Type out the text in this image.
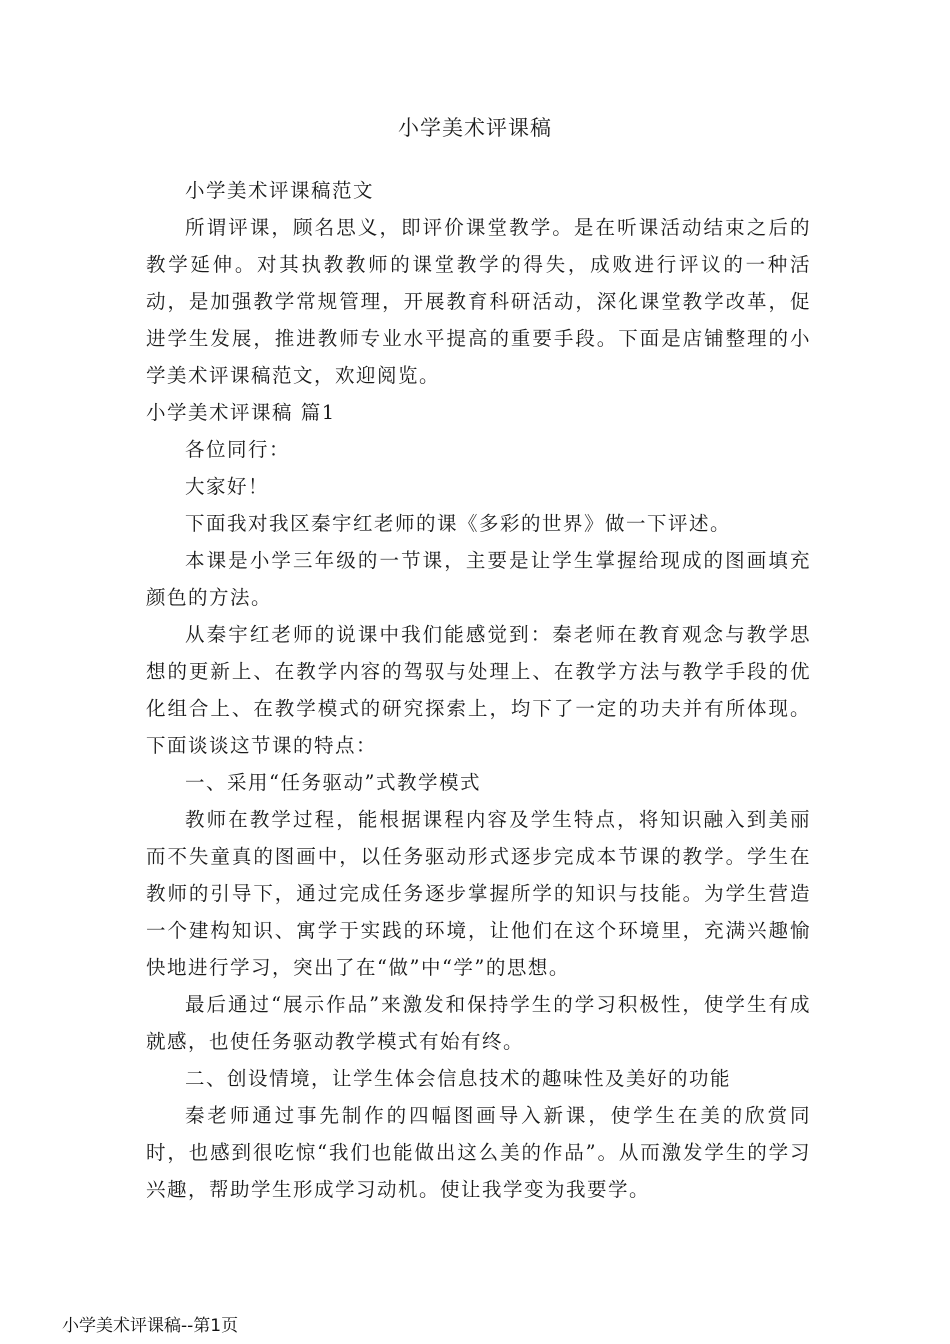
小学美术评课稿

小学美术评课稿范文

所谓评课，顾名思义，即评价课堂教学。是在听课活动结束之后的教学延伸。对其执教教师的课堂教学的得失，成败进行评议的一种活动，是加强教学常规管理，开展教育科研活动，深化课堂教学改革，促进学生发展，推进教师专业水平提高的重要手段。下面是店铺整理的小学美术评课稿范文，欢迎阅览。

小学美术评课稿 篇1

各位同行：

大家好！

下面我对我区秦宇红老师的课《多彩的世界》做一下评述。

本课是小学三年级的一节课，主要是让学生掌握给现成的图画填充颜色的方法。

从秦宇红老师的说课中我们能感觉到：秦老师在教育观念与教学思想的更新上、在教学内容的驾驭与处理上、在教学方法与教学手段的优化组合上、在教学模式的研究探索上，均下了一定的功夫并有所体现。下面谈谈这节课的特点：

一、采用“任务驱动”式教学模式

教师在教学过程，能根据课程内容及学生特点，将知识融入到美丽而不失童真的图画中，以任务驱动形式逐步完成本节课的教学。学生在教师的引导下，通过完成任务逐步掌握所学的知识与技能。为学生营造一个建构知识、寓学于实践的环境，让他们在这个环境里，充满兴趣愉快地进行学习，突出了在“做”中“学”的思想。

最后通过“展示作品”来激发和保持学生的学习积极性，使学生有成就感，也使任务驱动教学模式有始有终。

二、创设情境，让学生体会信息技术的趣味性及美好的功能

秦老师通过事先制作的四幅图画导入新课，使学生在美的欣赏同时，也感到很吃惊“我们也能做出这么美的作品”。从而激发学生的学习兴趣，帮助学生形成学习动机。使让我学变为我要学。

小学美术评课稿--第1页
